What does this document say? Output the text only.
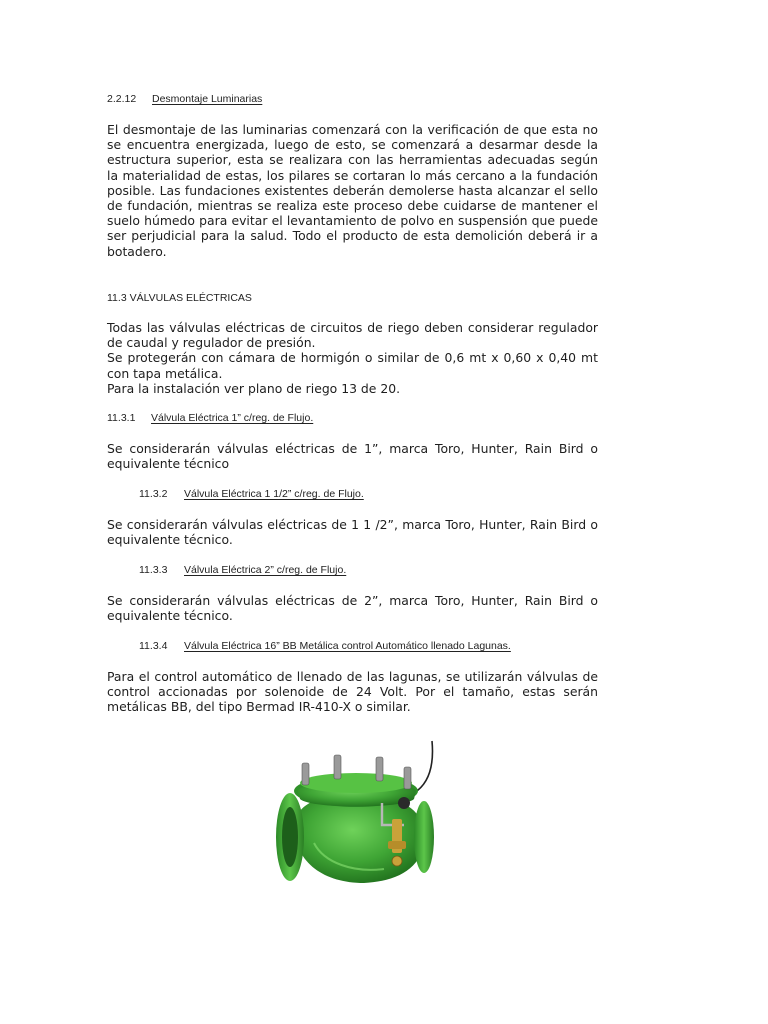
2.2.12 Desmontaje Luminarias

El desmontaje de las luminarias comenzará con la verificación de que esta no se encuentra energizada, luego de esto, se comenzará a desarmar desde la estructura superior, esta se realizara con las herramientas adecuadas según la materialidad de estas, los pilares se cortaran lo más cercano a la fundación posible. Las fundaciones existentes deberán demolerse hasta alcanzar el sello de fundación, mientras se realiza este proceso debe cuidarse de mantener el suelo húmedo para evitar el levantamiento de polvo en suspensión que puede ser perjudicial para la salud. Todo el producto de esta demolición deberá ir a botadero.

11.3 VÁLVULAS ELÉCTRICAS
Todas las válvulas eléctricas de circuitos de riego deben considerar regulador de caudal y regulador de presión.
Se protegerán con cámara de hormigón o similar de 0,6 mt x 0,60 x 0,40 mt con tapa metálica.
Para la instalación ver plano de riego 13 de 20.
11.3.1 Válvula Eléctrica 1” c/reg. de Flujo.

Se considerarán válvulas eléctricas de 1”, marca Toro, Hunter, Rain Bird o equivalente técnico

11.3.2 Válvula Eléctrica 1 1/2” c/reg. de Flujo.

Se considerarán válvulas eléctricas de 1 1 /2”, marca Toro, Hunter, Rain Bird o equivalente técnico.

11.3.3 Válvula Eléctrica 2” c/reg. de Flujo.

Se considerarán válvulas eléctricas de 2”, marca Toro, Hunter, Rain Bird o equivalente técnico.

11.3.4 Válvula Eléctrica 16” BB Metálica control Automático llenado Lagunas.

Para el control automático de llenado de las lagunas, se utilizarán válvulas de control accionadas por solenoide de 24 Volt. Por el tamaño, estas serán metálicas BB, del tipo Bermad IR-410-X o similar.
